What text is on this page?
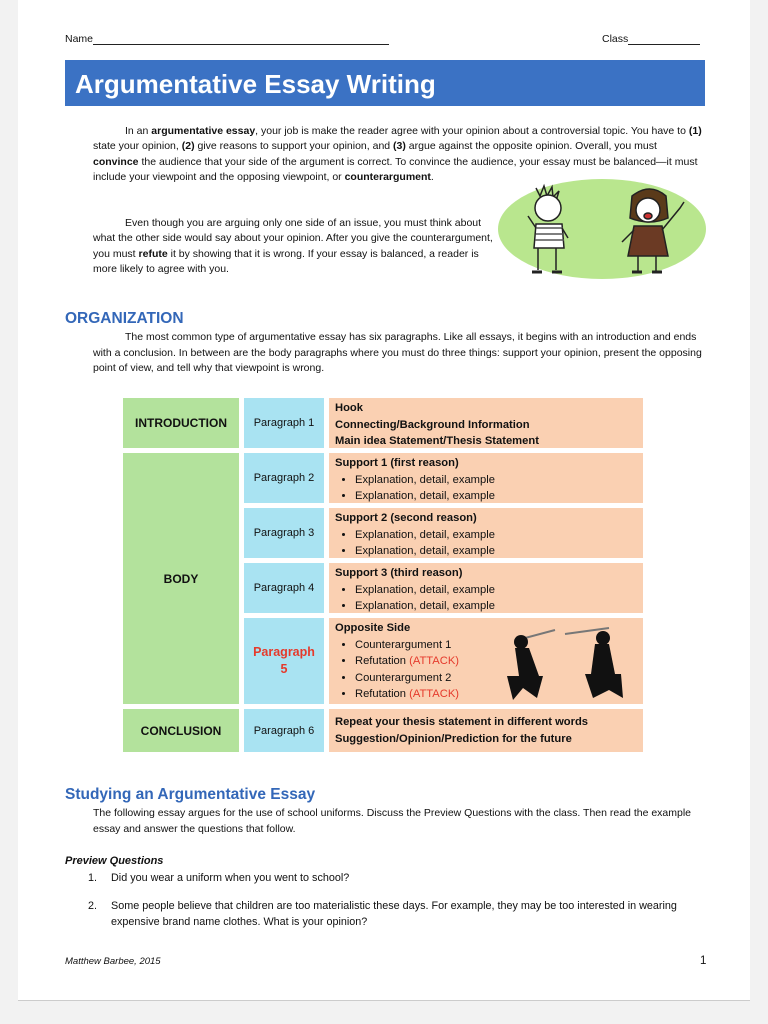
Name	Class
Argumentative Essay Writing

In an argumentative essay, your job is make the reader agree with your opinion about a controversial topic. You have to (1) state your opinion, (2) give reasons to support your opinion, and (3) argue against the opposite opinion. Overall, you must convince the audience that your side of the argument is correct. To convince the audience, your essay must be balanced—it must include your viewpoint and the opposing viewpoint, or counterargument.

Even though you are arguing only one side of an issue, you must think about what the other side would say about your opinion. After you give the counterargument, you must refute it by showing that it is wrong. If your essay is balanced, a reader is more likely to agree with you.

ORGANIZATION
The most common type of argumentative essay has six paragraphs. Like all essays, it begins with an introduction and ends with a conclusion. In between are the body paragraphs where you must do three things: support your opinion, present the opposing point of view, and tell why that viewpoint is wrong.
INTRODUCTION
BODY
CONCLUSION
Paragraph 1
Paragraph 2
Paragraph 3
Paragraph 4
Paragraph 5
Paragraph 6
Hook
Connecting/Background Information
Main idea Statement/Thesis Statement
Support 1 (first reason)
• Explanation, detail, example
• Explanation, detail, example
Support 2 (second reason)
• Explanation, detail, example
• Explanation, detail, example
Support 3 (third reason)
• Explanation, detail, example
• Explanation, detail, example
Opposite Side
• Counterargument 1
• Refutation (ATTACK)
• Counterargument 2
• Refutation (ATTACK)
Repeat your thesis statement in different words
Suggestion/Opinion/Prediction for the future
Studying an Argumentative Essay
The following essay argues for the use of school uniforms. Discuss the Preview Questions with the class. Then read the example essay and answer the questions that follow.
Preview Questions
1. Did you wear a uniform when you went to school?
2. Some people believe that children are too materialistic these days. For example, they may be too interested in wearing expensive brand name clothes. What is your opinion?
Matthew Barbee, 2015	1
